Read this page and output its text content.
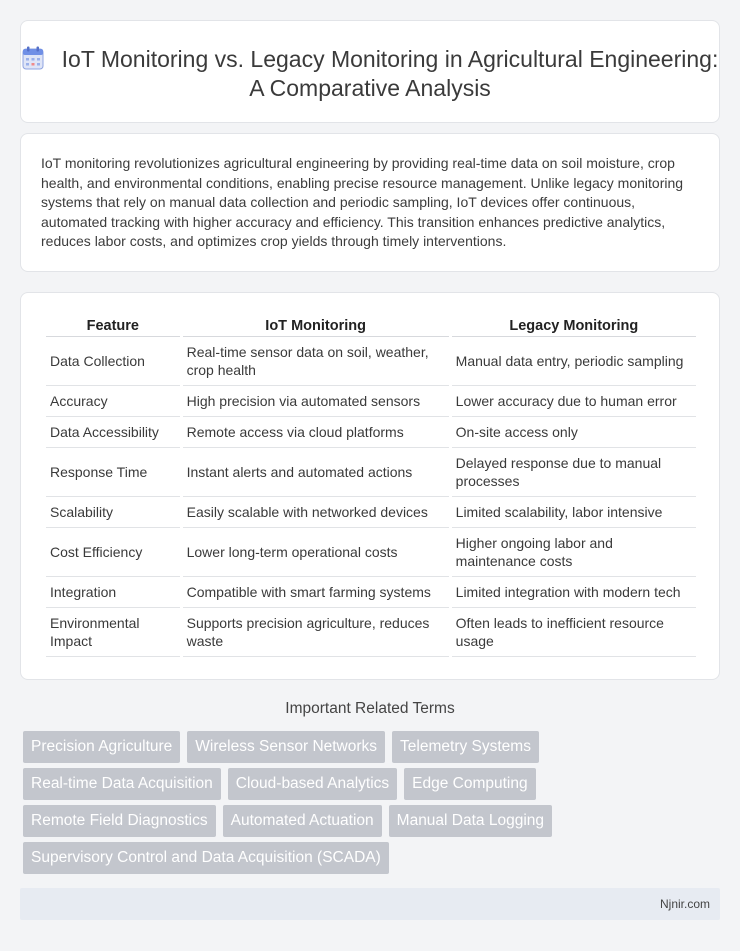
IoT Monitoring vs. Legacy Monitoring in Agricultural Engineering: A Comparative Analysis

IoT monitoring revolutionizes agricultural engineering by providing real-time data on soil moisture, crop health, and environmental conditions, enabling precise resource management. Unlike legacy monitoring systems that rely on manual data collection and periodic sampling, IoT devices offer continuous, automated tracking with higher accuracy and efficiency. This transition enhances predictive analytics, reduces labor costs, and optimizes crop yields through timely interventions.

Feature	IoT Monitoring	Legacy Monitoring
Data Collection	Real-time sensor data on soil, weather, crop health	Manual data entry, periodic sampling
Accuracy	High precision via automated sensors	Lower accuracy due to human error
Data Accessibility	Remote access via cloud platforms	On-site access only
Response Time	Instant alerts and automated actions	Delayed response due to manual processes
Scalability	Easily scalable with networked devices	Limited scalability, labor intensive
Cost Efficiency	Lower long-term operational costs	Higher ongoing labor and maintenance costs
Integration	Compatible with smart farming systems	Limited integration with modern tech
Environmental Impact	Supports precision agriculture, reduces waste	Often leads to inefficient resource usage
Important Related Terms
Precision Agriculture	Wireless Sensor Networks	Telemetry Systems
Real-time Data Acquisition	Cloud-based Analytics	Edge Computing
Remote Field Diagnostics	Automated Actuation	Manual Data Logging
Supervisory Control and Data Acquisition (SCADA)
Njnir.com
